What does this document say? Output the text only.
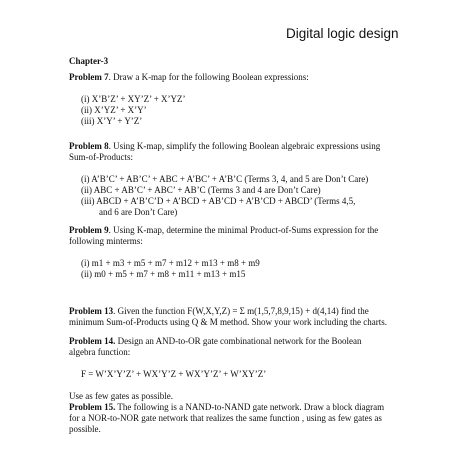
Digital logic design
Chapter-3
Problem 7. Draw a K-map for the following Boolean expressions:
(i) X’B’Z’ + XY’Z’ + X’YZ’
(ii) X’YZ’ + X’Y’
(iii) X’Y’ + Y’Z’
Problem 8. Using K-map, simplify the following Boolean algebraic expressions using
Sum-of-Products:
(i) A’B’C’ + AB’C’ + ABC + A’BC’ + A’B’C (Terms 3, 4, and 5 are Don’t Care)
(ii) ABC + AB’C’ + ABC’ + AB’C (Terms 3 and 4 are Don’t Care)
(iii) ABCD + A’B’C’D + A’BCD + AB’CD + A’B’CD + ABCD’ (Terms 4,5,
and 6 are Don’t Care)
Problem 9. Using K-map, determine the minimal Product-of-Sums expression for the
following minterms:
(i) m1 + m3 + m5 + m7 + m12 + m13 + m8 + m9
(ii) m0 + m5 + m7 + m8 + m11 + m13 + m15
Problem 13. Given the function F(W,X,Y,Z) = Σ m(1,5,7,8,9,15) + d(4,14) find the
minimum Sum-of-Products using Q & M method. Show your work including the charts.
Problem 14. Design an AND-to-OR gate combinational network for the Boolean
algebra function:
F = W’X’Y’Z’ + WX’Y’Z + WX’Y’Z’ + W’XY’Z’
Use as few gates as possible.
Problem 15. The following is a NAND-to-NAND gate network. Draw a block diagram
for a NOR-to-NOR gate network that realizes the same function , using as few gates as
possible.
